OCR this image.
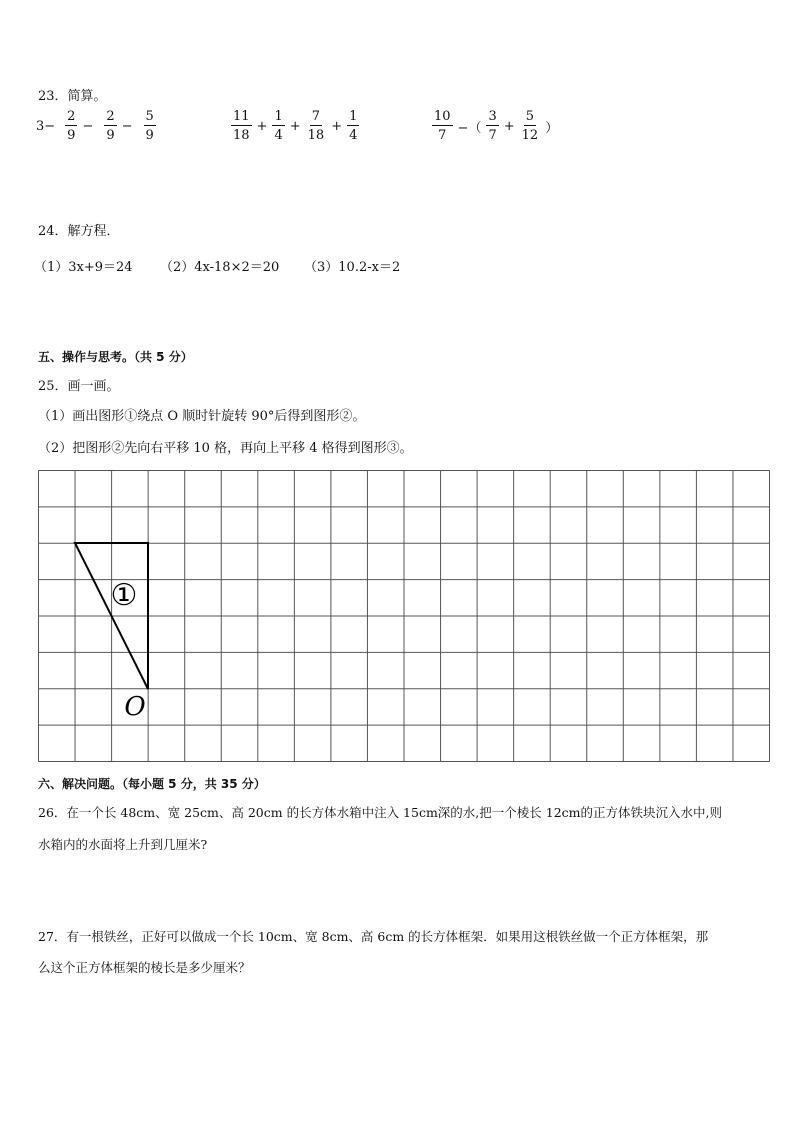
23．简算。
$3- \frac{2}{9} - \frac{2}{9} - \frac{5}{9}$	$\frac{11}{18} + \frac{1}{4} + \frac{7}{18} + \frac{1}{4}$	$\frac{10}{7}$ −（ $\frac{3}{7} + \frac{5}{12}$ ）
24．解方程．
（1）3x+9＝24 （2）4x-18×2＝20 （3）10.2-x＝2
五、操作与思考。（共 5 分）
25．画一画。
（1）画出图形①绕点 O 顺时针旋转 90°后得到图形②。
（2）把图形②先向右平移 10 格，再向上平移 4 格得到图形③。
①
O
六、解决问题。（每小题 5 分，共 35 分）
26．在一个长 48cm、宽 25cm、高 20cm 的长方体水箱中注入 15cm深的水,把一个棱长 12cm的正方体铁块沉入水中,则
水箱内的水面将上升到几厘米?
27．有一根铁丝，正好可以做成一个长 10cm、宽 8cm、高 6cm 的长方体框架．如果用这根铁丝做一个正方体框架，那
么这个正方体框架的棱长是多少厘米？
